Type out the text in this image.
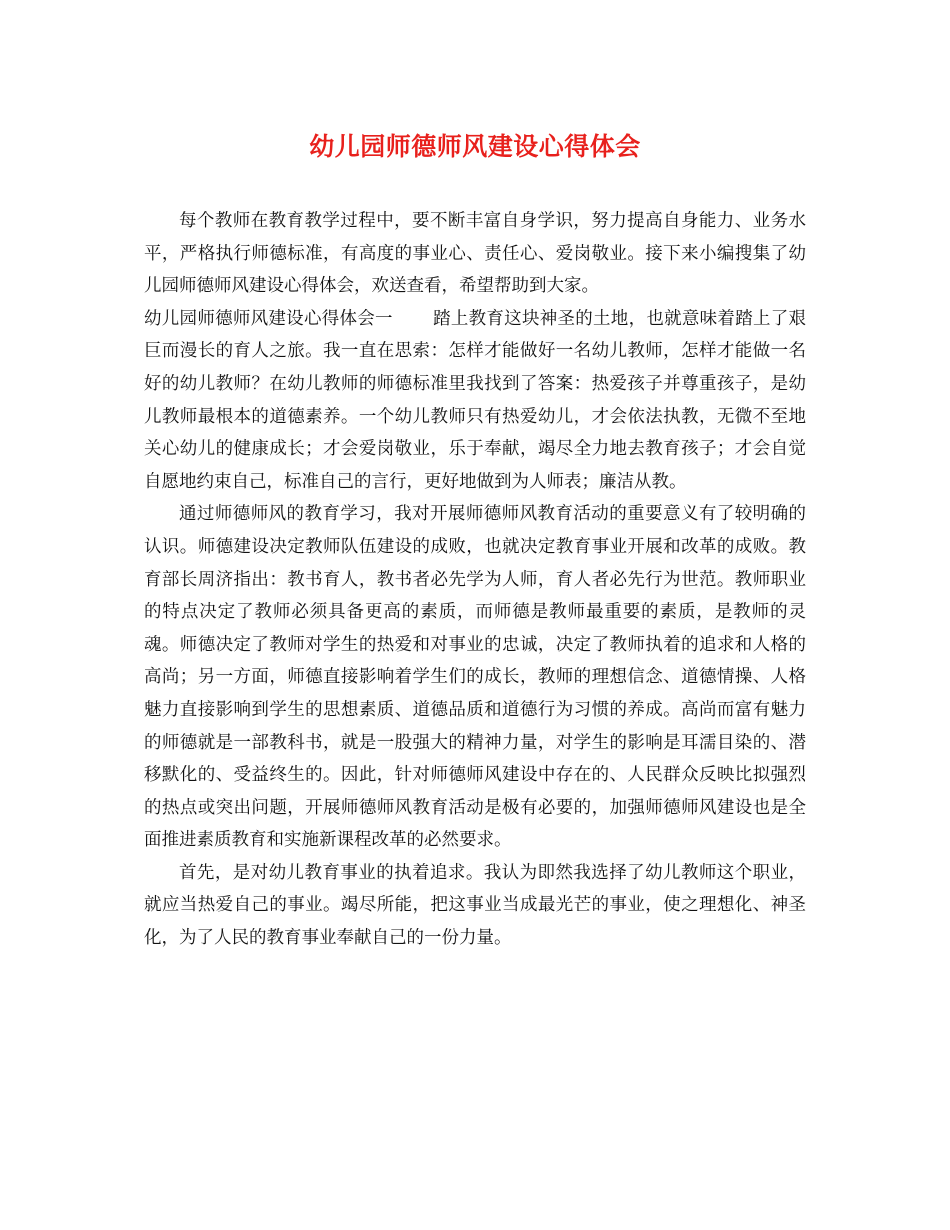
幼儿园师德师风建设心得体会

每个教师在教育教学过程中，要不断丰富自身学识，努力提高自身能力、业务水平，严格执行师德标准，有高度的事业心、责任心、爱岗敬业。接下来小编搜集了幼儿园师德师风建设心得体会，欢送查看，希望帮助到大家。

幼儿园师德师风建设心得体会一 踏上教育这块神圣的土地，也就意味着踏上了艰巨而漫长的育人之旅。我一直在思索：怎样才能做好一名幼儿教师，怎样才能做一名好的幼儿教师？在幼儿教师的师德标准里我找到了答案：热爱孩子并尊重孩子，是幼儿教师最根本的道德素养。一个幼儿教师只有热爱幼儿，才会依法执教，无微不至地关心幼儿的健康成长；才会爱岗敬业，乐于奉献，竭尽全力地去教育孩子；才会自觉自愿地约束自己，标准自己的言行，更好地做到为人师表；廉洁从教。

通过师德师风的教育学习，我对开展师德师风教育活动的重要意义有了较明确的认识。师德建设决定教师队伍建设的成败，也就决定教育事业开展和改革的成败。教育部长周济指出：教书育人，教书者必先学为人师，育人者必先行为世范。教师职业的特点决定了教师必须具备更高的素质，而师德是教师最重要的素质，是教师的灵魂。师德决定了教师对学生的热爱和对事业的忠诚，决定了教师执着的追求和人格的高尚；另一方面，师德直接影响着学生们的成长，教师的理想信念、道德情操、人格魅力直接影响到学生的思想素质、道德品质和道德行为习惯的养成。高尚而富有魅力的师德就是一部教科书，就是一股强大的精神力量，对学生的影响是耳濡目染的、潜移默化的、受益终生的。因此，针对师德师风建设中存在的、人民群众反映比拟强烈的热点或突出问题，开展师德师风教育活动是极有必要的，加强师德师风建设也是全面推进素质教育和实施新课程改革的必然要求。

首先，是对幼儿教育事业的执着追求。我认为即然我选择了幼儿教师这个职业，就应当热爱自己的事业。竭尽所能，把这事业当成最光芒的事业，使之理想化、神圣化，为了人民的教育事业奉献自己的一份力量。
